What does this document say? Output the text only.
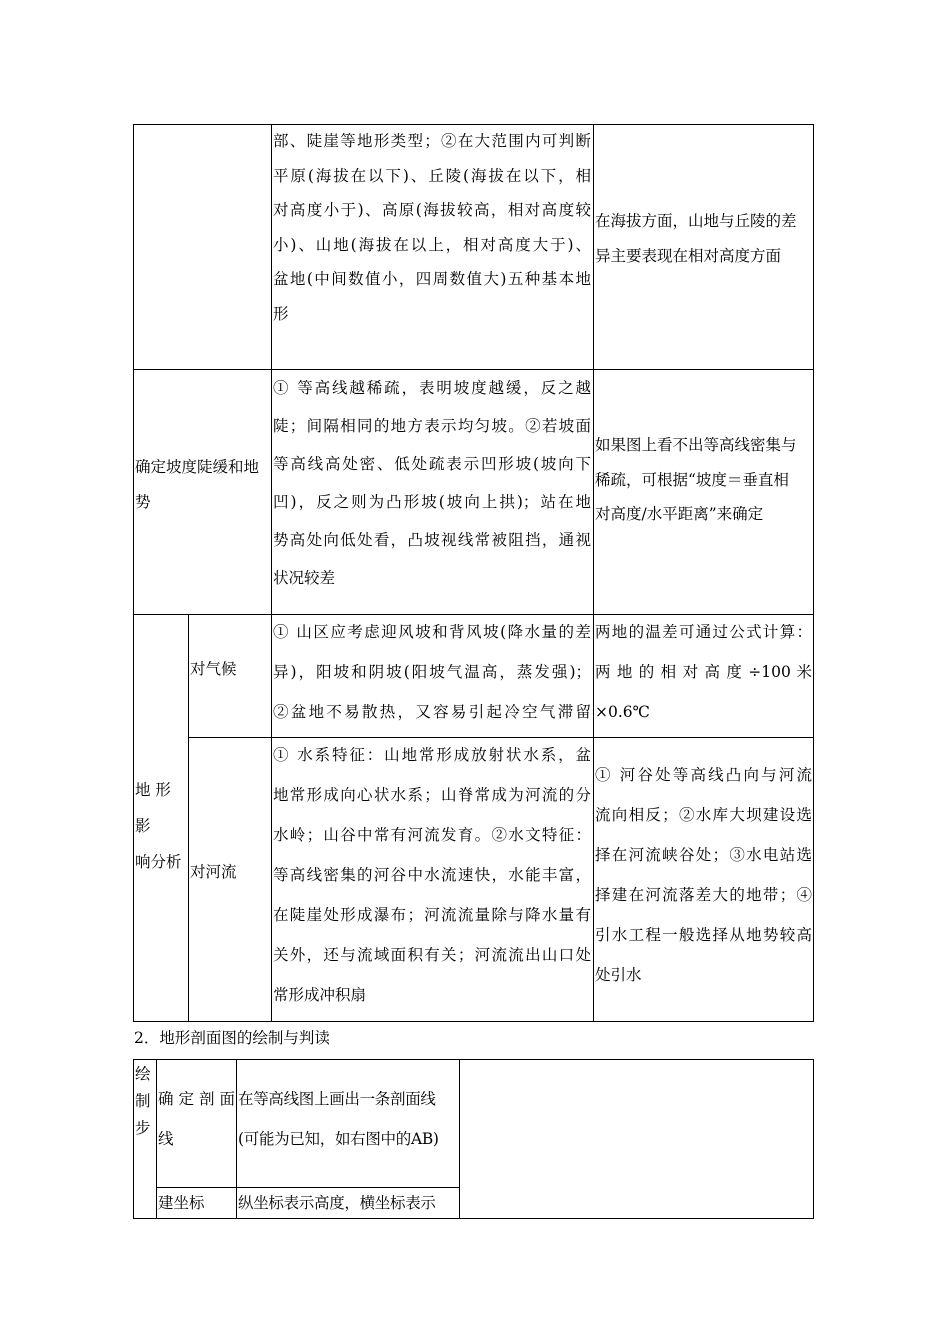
部、陡崖等地形类型；②在大范围内可判断
平原(海拔在以下)、丘陵(海拔在以下，相
对高度小于)、高原(海拔较高，相对高度较
小)、山地(海拔在以上，相对高度大于)、
盆地(中间数值小，四周数值大)五种基本地
形
在海拔方面，山地与丘陵的差
异主要表现在相对高度方面
确定坡度陡缓和地
势
① 等高线越稀疏，表明坡度越缓，反之越
陡；间隔相同的地方表示均匀坡。②若坡面
等高线高处密、低处疏表示凹形坡(坡向下
凹)，反之则为凸形坡(坡向上拱)；站在地
势高处向低处看，凸坡视线常被阻挡，通视
状况较差
如果图上看不出等高线密集与
稀疏，可根据“坡度＝垂直相
对高度/水平距离”来确定
地 形 影
响分析
对气候
① 山区应考虑迎风坡和背风坡(降水量的差
异)，阳坡和阴坡(阳坡气温高，蒸发强)；
②盆地不易散热，又容易引起冷空气滞留
两地的温差可通过公式计算：
两 地 的 相 对 高 度 ÷100 米
×0.6℃
对河流
① 水系特征：山地常形成放射状水系，盆
地常形成向心状水系；山脊常成为河流的分
水岭；山谷中常有河流发育。②水文特征：
等高线密集的河谷中水流速快，水能丰富，
在陡崖处形成瀑布；河流流量除与降水量有
关外，还与流域面积有关；河流流出山口处
常形成冲积扇
① 河谷处等高线凸向与河流
流向相反；②水库大坝建设选
择在河流峡谷处；③水电站选
择建在河流落差大的地带；④
引水工程一般选择从地势较高
处引水
2．地形剖面图的绘制与判读
绘
制
步
确 定 剖 面
线
在等高线图上画出一条剖面线
(可能为已知，如右图中的AB)
建坐标	纵坐标表示高度，横坐标表示
